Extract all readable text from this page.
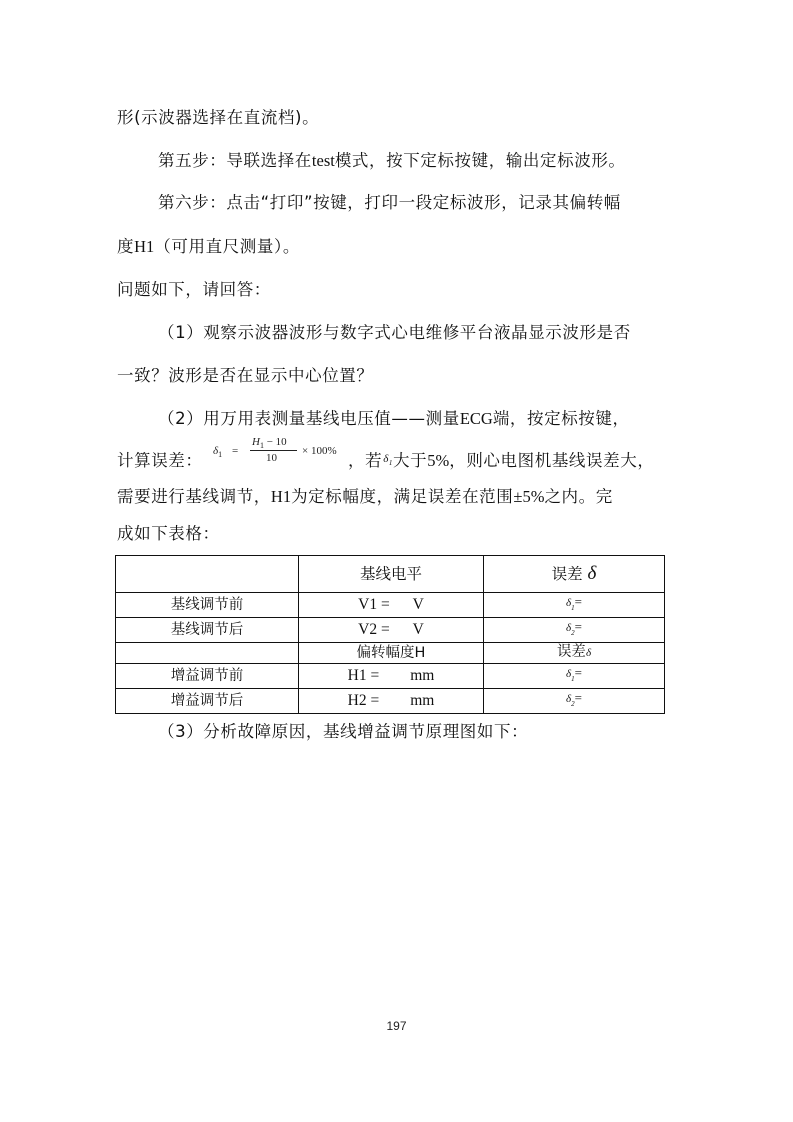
形(示波器选择在直流档)。
第五步：导联选择在test模式，按下定标按键，输出定标波形。
第六步：点击“打印”按键，打印一段定标波形，记录其偏转幅
度H1（可用直尺测量）。
问题如下，请回答：
（1）观察示波器波形与数字式心电维修平台液晶显示波形是否
一致？波形是否在显示中心位置？
（2）用万用表测量基线电压值——测量ECG端，按定标按键，
计算误差： $\delta_1$ =
$H_1 - 10$
10
× 100% ，若$^{\delta_1}$大于5%，则心电图机基线误差大，
需要进行基线调节，H1为定标幅度，满足误差在范围±5%之内。完
成如下表格：
	基线电平	误差 δ
基线调节前	V1 =      V	$\delta_1=$
基线调节后	V2 =      V	$\delta_2=$
	偏转幅度H	误差δ
增益调节前	H1 =        mm	$\delta_1=$
增益调节后	H2 =        mm	$\delta_2=$
（3）分析故障原因，基线增益调节原理图如下：
197
